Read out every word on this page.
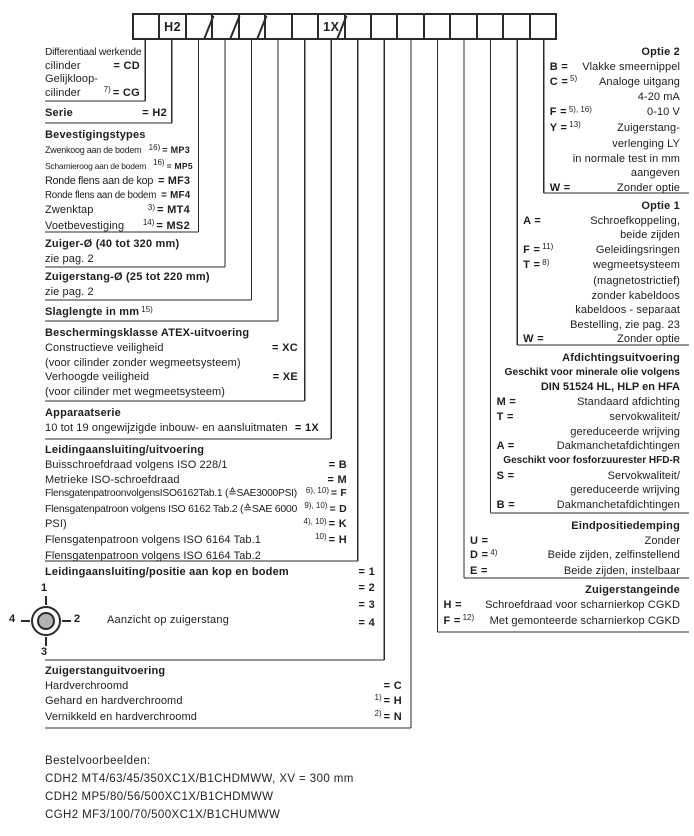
H2	1X
Differentiaal werkende
cilinder	= CD
Gelijkloop-
cilinder	7) = CG
Serie	= H2
Bevestigingstypes
Zwenkoog aan de bodem 16) = MP3
Scharnieroog aan de bodem 16) = MP5
Ronde flens aan de kop = MF3
Ronde flens aan de bodem = MF4
Zwenktap	3) = MT4
Voetbevestiging 14) = MS2
Zuiger-Ø (40 tot 320 mm)
zie pag. 2
Zuigerstang-Ø (25 tot 220 mm)
zie pag. 2
Slaglengte in mm 15)
Beschermingsklasse ATEX-uitvoering
Constructieve veiligheid	= XC
(voor cilinder zonder wegmeetsysteem)
Verhoogde veiligheid	= XE
(voor cilinder met wegmeetsysteem)
Apparaatserie
10 tot 19 ongewijzigde inbouw- en aansluitmaten = 1X
Leidingaansluiting/uitvoering
Buisschroefdraad volgens ISO 228/1	= B
Metrieke ISO-schroefdraad	= M
FlensgatenpatroonvolgensISO6162Tab.1 (≙SAE3000PSI) 6), 10) = F
Flensgatenpatroon volgens ISO 6162 Tab.2 (≙SAE 6000 9), 10) = D
PSI)	4), 10) = K
Flensgatenpatroon volgens ISO 6164 Tab.1	10) = H
Flensgatenpatroon volgens ISO 6164 Tab.2
Leidingaansluiting/positie aan kop en bodem	= 1
= 2
= 3
= 4
Zuigerstanguitvoering
Hardverchroomd	= C
Gehard en hardverchroomd	1) = H
Vernikkeld en hardverchroomd	2) = N
Optie 2
B = Vlakke smeernippel
C = 5) Analoge uitgang
4-20 mA
F = 5), 16)	0-10 V
Y = 13)	Zuigerstang-
verlenging LY
in normale test in mm
aangeven
W =	Zonder optie
Optie 1
A =	Schroefkoppeling,
beide zijden
F = 11)	Geleidingsringen
T = 8)	wegmeetsysteem
(magnetostrictief)
zonder kabeldoos
kabeldoos - separaat
Bestelling, zie pag. 23
W =	Zonder optie
Afdichtingsuitvoering
Geschikt voor minerale olie volgens
DIN 51524 HL, HLP en HFA
M =	Standaard afdichting
T =	servokwaliteit/
gereduceerde wrijving
A =	Dakmanchetafdichtingen
Geschikt voor fosforzuurester HFD-R
S =	Servokwaliteit/
gereduceerde wrijving
B =	Dakmanchetafdichtingen
Eindpositiedemping
U =	Zonder
D = 4)	Beide zijden, zelfinstellend
E =	Beide zijden, instelbaar
Zuigerstangeinde
H = Schroefdraad voor scharnierkop CGKD
F = 12) Met gemonteerde scharnierkop CGKD
1
3
4	2 Aanzicht op zuigerstang
Bestelvoorbeelden:
CDH2 MT4/63/45/350XC1X/B1CHDMWW, XV = 300 mm
CDH2 MP5/80/56/500XC1X/B1CHDMWW
CGH2 MF3/100/70/500XC1X/B1CHUMWW
